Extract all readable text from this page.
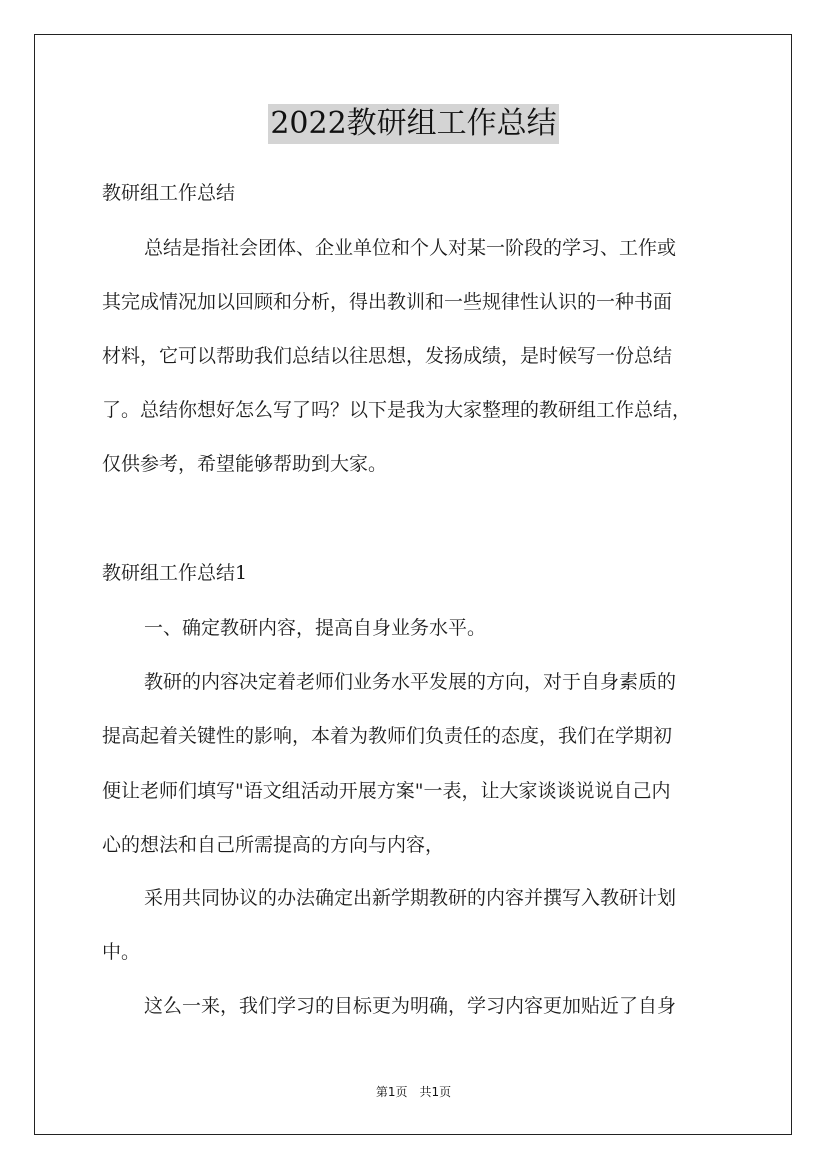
2022教研组工作总结
教研组工作总结
总结是指社会团体、企业单位和个人对某一阶段的学习、工作或
其完成情况加以回顾和分析，得出教训和一些规律性认识的一种书面
材料，它可以帮助我们总结以往思想，发扬成绩，是时候写一份总结
了。总结你想好怎么写了吗？以下是我为大家整理的教研组工作总结，
仅供参考，希望能够帮助到大家。
教研组工作总结1
一、确定教研内容，提高自身业务水平。
教研的内容决定着老师们业务水平发展的方向，对于自身素质的
提高起着关键性的影响，本着为教师们负责任的态度，我们在学期初
便让老师们填写"语文组活动开展方案"一表，让大家谈谈说说自己内
心的想法和自己所需提高的方向与内容，
采用共同协议的办法确定出新学期教研的内容并撰写入教研计划
中。
这么一来，我们学习的目标更为明确，学习内容更加贴近了自身
第1页 共1页
